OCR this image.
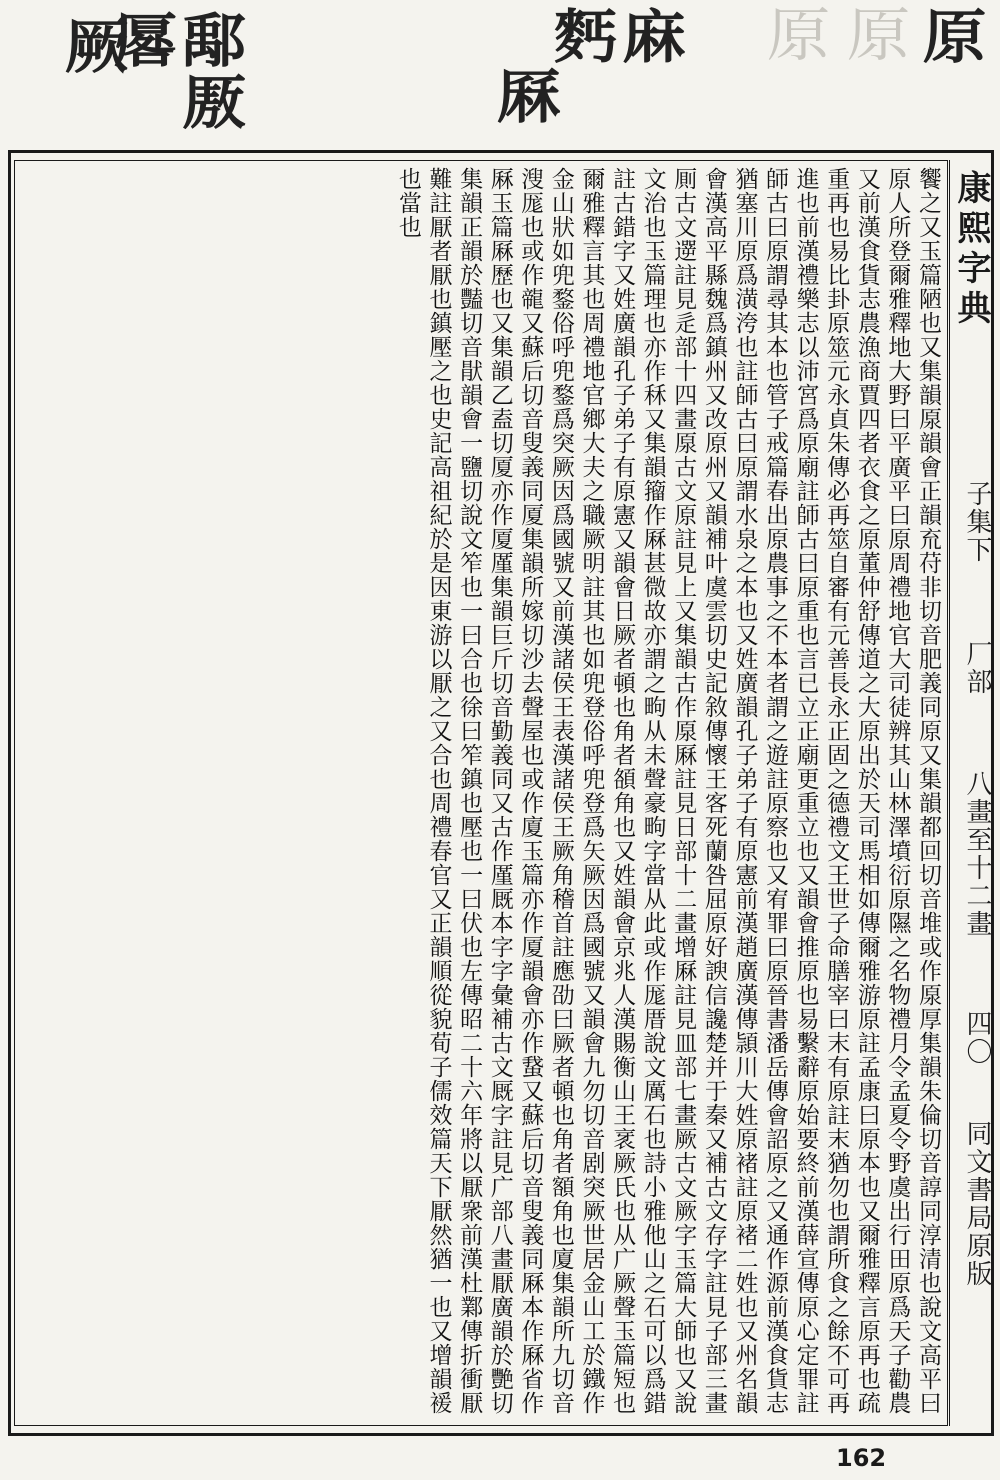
原
原 原
麫麻
厤
厬鄅
厫
厥
饗之又玉篇陋也又集韻厡韻會正韻㐬苻非切音肥義同原又集韻都回切音堆或作厡厚集韻朱倫切音諄同淳清也說文高平曰原人所登爾雅釋地大野曰平廣平曰原周禮地官大司徒辨其山林澤墳衍原隰之名物禮月令孟夏令野虞出行田原爲天子勸農又前漢食貨志農漁商賈四者衣食之原董仲舒傳道之大原出於天司馬相如傳爾雅游原註孟康曰原本也又爾雅釋言原再也疏重再也易比卦原筮元永貞朱傳必再筮自審有元善長永正固之德禮文王世子命膳宰曰末有原註末猶勿也謂所食之餘不可再進也前漢禮樂志以沛宮爲原廟註師古曰原重也言已立正廟更重立也又韻會推原也易繫辭原始要終前漢薛宣傳原心定罪註師古曰原謂尋其本也管子戒篇春出原農事之不本者謂之遊註原察也又宥罪曰原晉書潘岳傳會詔原之又通作源前漢食貨志猶塞川原爲潢洿也註師古曰原謂水泉之本也又姓廣韻孔子弟子有原憲前漢趙廣漢傳頴川大姓原褚註原褚二姓也又州名韻會漢高平縣魏爲鎮州又改原州又韻補叶虞雲切史記敘傳懷王客死蘭咎屈原好諛信讒楚并于秦又補古文存字註見子部三畫厠古文遻註見辵部十四畫厡古文原註見上又集韻古作厡厤註見日部十二畫增厤註見皿部七畫厥古文厥字玉篇大師也又說文治也玉篇理也亦作秝又集韻籀作厤甚微故亦謂之㽛从未聲豪㽛字當从此或作厖厝說文厲石也詩小雅他山之石可以爲錯註古錯字又姓廣韻孔子弟子有原憲又韻會日厥者頓也角者頟角也又姓韻會京兆人漢賜衡山王衺厥氏也从广厥聲玉篇短也爾雅釋言其也周禮地官鄉大夫之職厥明註其也如兜登俗呼兜登爲矢厥因爲國號又韻會九勿切音剧突厥世居金山工於鐵作金山狀如兜鍪俗呼兜鍪爲突厥因爲國號又前漢諸侯王表漢諸侯王厥角稽首註應劭曰厥者頓也角者額角也廈集韻所九切音溲厖也或作㡣又蘇后切音叟義同厦集韻所嫁切沙去聲屋也或作廈玉篇亦作厦韻會亦作䖸又蘇后切音叟義同厤本作厤省作厤玉篇厤歷也又集韻乙盍切厦亦作厦厪集韻巨斤切音勤義同又古作厪厩本字字彙補古文厩字註見广部八畫厭廣韻於艷切集韻正韻於豔切音猒韻會一鹽切說文笮也一曰合也徐曰笮鎮也壓也一曰伏也左傳昭二十六年將以厭衆前漢杜鄴傳折衝厭難註厭者厭也鎮壓之也史記高祖紀於是因東游以厭之又合也周禮春官又正韻順從貌荀子儒效篇天下厭然猶一也又增韻褑也當也	康熙字典
子集下
厂部
八畫至十二畫
四〇
同文書局原版
162
